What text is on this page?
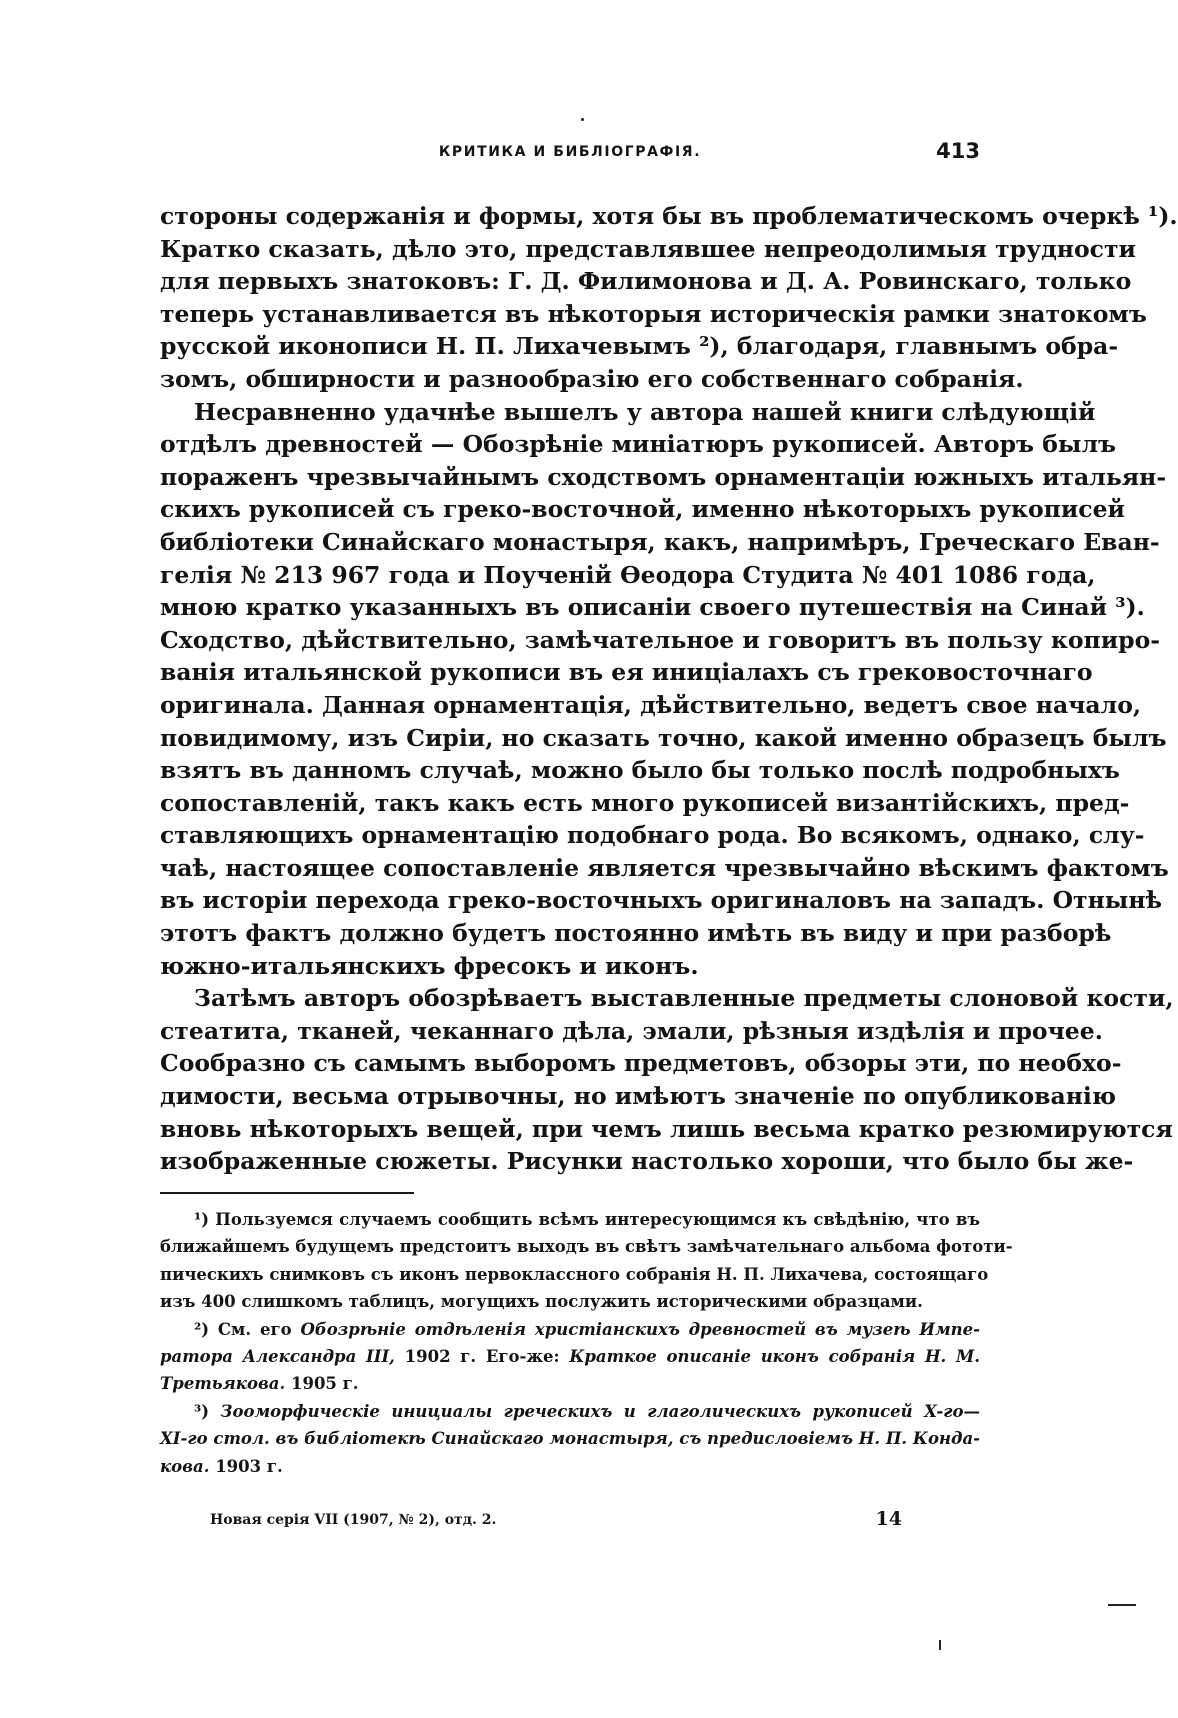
КРИТИКА И БИБЛІОГРАФІЯ.	413
стороны содержанія и формы, хотя бы въ проблематическомъ очеркѣ ¹).
Кратко сказать, дѣло это, представлявшее непреодолимыя трудности
для первыхъ знатоковъ: Г. Д. Филимонова и Д. А. Ровинскаго, только
теперь устанавливается въ нѣкоторыя историческія рамки знатокомъ
русской иконописи Н. П. Лихачевымъ ²), благодаря, главнымъ обра-
зомъ, обширности и разнообразію его собственнаго собранія.
Несравненно удачнѣе вышелъ у автора нашей книги слѣдующій
отдѣлъ древностей — Обозрѣніе миніатюръ рукописей. Авторъ былъ
пораженъ чрезвычайнымъ сходствомъ орнаментаціи южныхъ итальян-
скихъ рукописей съ греко-восточной, именно нѣкоторыхъ рукописей
библіотеки Синайскаго монастыря, какъ, напримѣръ, Греческаго Еван-
гелія № 213 967 года и Поученій Өеодора Студита № 401 1086 года,
мною кратко указанныхъ въ описаніи своего путешествія на Синай ³).
Сходство, дѣйствительно, замѣчательное и говоритъ въ пользу копиро-
ванія итальянской рукописи въ ея иниціалахъ съ грековосточнаго
оригинала. Данная орнаментація, дѣйствительно, ведетъ свое начало,
повидимому, изъ Сиріи, но сказать точно, какой именно образецъ былъ
взятъ въ данномъ случаѣ, можно было бы только послѣ подробныхъ
сопоставленій, такъ какъ есть много рукописей византійскихъ, пред-
ставляющихъ орнаментацію подобнаго рода. Во всякомъ, однако, слу-
чаѣ, настоящее сопоставленіе является чрезвычайно вѣскимъ фактомъ
въ исторіи перехода греко-восточныхъ оригиналовъ на западъ. Отнынѣ
этотъ фактъ должно будетъ постоянно имѣть въ виду и при разборѣ
южно-итальянскихъ фресокъ и иконъ.
Затѣмъ авторъ обозрѣваетъ выставленные предметы слоновой кости,
стеатита, тканей, чеканнаго дѣла, эмали, рѣзныя издѣлія и прочее.
Сообразно съ самымъ выборомъ предметовъ, обзоры эти, по необхо-
димости, весьма отрывочны, но имѣютъ значеніе по опубликованію
вновь нѣкоторыхъ вещей, при чемъ лишь весьма кратко резюмируются
изображенные сюжеты. Рисунки настолько хороши, что было бы же-
¹) Пользуемся случаемъ сообщить всѣмъ интересующимся къ свѣдѣнію, что въ
ближайшемъ будущемъ предстоитъ выходъ въ свѣтъ замѣчательнаго альбома фототи-
пическихъ снимковъ съ иконъ первоклассного собранія Н. П. Лихачева, состоящаго
изъ 400 слишкомъ таблицъ, могущихъ послужить историческими образцами.
²) См. его Обозрѣніе отдѣленія христіанскихъ древностей въ музеѣ Импе-
ратора Александра III, 1902 г. Его-же: Краткое описаніе иконъ собранія Н. М.
Третьякова. 1905 г.
³) Зооморфическіе инициалы греческихъ и глаголическихъ рукописей X-го—
XI-го стол. въ библіотекѣ Синайскаго монастыря, съ предисловіемъ Н. П. Конда-
кова. 1903 г.
Новая серія VII (1907, № 2), отд. 2.	14
